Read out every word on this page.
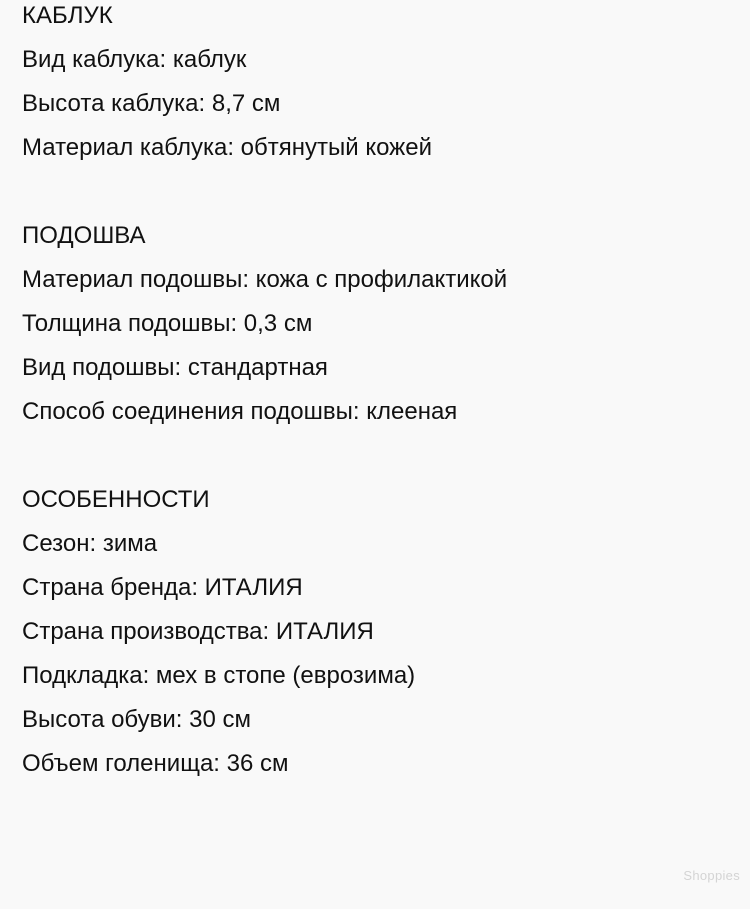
КАБЛУК

Вид каблука: каблук

Высота каблука: 8,7 см

Материал каблука: обтянутый кожей

ПОДОШВА

Материал подошвы: кожа с профилактикой

Толщина подошвы: 0,3 см

Вид подошвы: стандартная

Способ соединения подошвы: клееная

ОСОБЕННОСТИ

Сезон: зима

Страна бренда: ИТАЛИЯ

Страна производства: ИТАЛИЯ

Подкладка: мех в стопе (еврозима)

Высота обуви: 30 см

Объем голенища: 36 см

Shoppies
